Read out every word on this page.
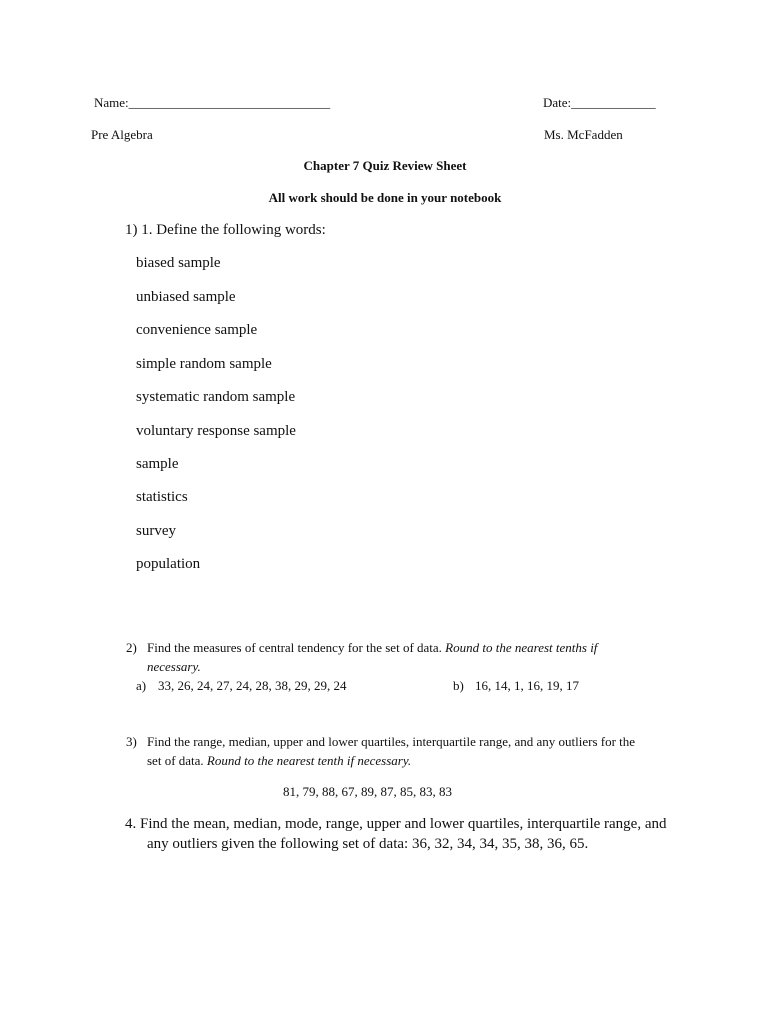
Name:_______________________________	Date:_____________
Pre Algebra	Ms. McFadden
Chapter 7 Quiz Review Sheet
All work should be done in your notebook
1) 1. Define the following words:
biased sample
unbiased sample
convenience sample
simple random sample
systematic random sample
voluntary response sample
sample
statistics
survey
population
2) Find the measures of central tendency for the set of data. Round to the nearest tenths if
necessary.
a) 33, 26, 24, 27, 24, 28, 38, 29, 29, 24	b) 16, 14, 1, 16, 19, 17
3) Find the range, median, upper and lower quartiles, interquartile range, and any outliers for the
set of data. Round to the nearest tenth if necessary.
81, 79, 88, 67, 89, 87, 85, 83, 83
4. Find the mean, median, mode, range, upper and lower quartiles, interquartile range, and
any outliers given the following set of data: 36, 32, 34, 34, 35, 38, 36, 65.
